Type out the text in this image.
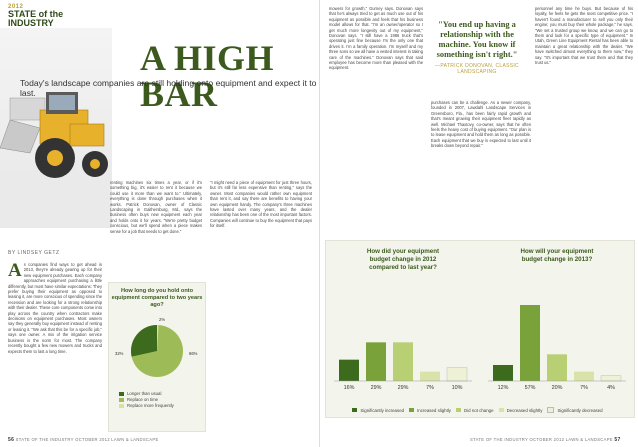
2012
STATE of the
INDUSTRY
A HIGH BAR
Today's landscape companies are still holding onto equipment and expect it to last.
BY LINDSEY GETZ
A s companies find ways to get ahead in 2013, they're already gearing up for their new equipment purchases. Each company approaches equipment purchasing a little differently, but most have similar expectations: They prefer buying their equipment as opposed to leasing it, are more conscious of spending since the recession and are looking for a strong relationship with their dealer. These core components come into play across the country when contractors make decisions on equipment purchases. Most owners say they generally buy equipment instead of renting or leasing it. "We ask that this be for a specific job," says one owner. A mix of the irrigation service business is the norm for most. The company recently bought a few new mowers and trucks and expects them to last a long time.
renting machines six times a year, or if it's something big, it's easier to rent it because we could use it more than we want to." Ultimately, everything is done through purchases when it works. Patrick Donovan, owner of Classic Landscaping in Gaithersburg, Md., says the business often buys new equipment each year and holds onto it for years. "We're pretty budget conscious, but we'll spend when a piece makes sense for a job that needs to get done."
"I might need a piece of equipment for just three hours, but it's still far less expensive than renting," says the owner. Most companies would rather own equipment than rent it, and say there are benefits to having your own equipment handy. The company's three machines have lasted over many years, and the dealer relationship has been one of the most important factors. Companies will continue to buy the equipment that pays for itself.
How long do you hold onto equipment compared to two years ago?
32%	66%
2%
Longer than usual
Replace on time
Replace more frequently
56 STATE OF THE INDUSTRY OCTOBER 2012 LAWN & LANDSCAPE
mowers for growth," Gurney says. Donovan says that he's always tried to get as much use out of his equipment as possible and feels that his business model allows for that. "I'm an owner/operator so I get much more longevity out of my equipment," Donovan says. "I still have a 1986 truck that's operating just fine because I'm the only one that drives it. I'm a family operation. I'm myself and my three sons so we all have a vested interest in taking care of the machines." Donovan says that said employee has become more than pleased with the equipment.
purchases can be a challenge. As a newer company, founded in 2007, Lawdahl Landscape Services in Greensboro, Fla., has been fairly rapid growth and that's meant growing their equipment fleet rapidly as well. Michael Thaxtovy, co-owner, says that he often feels the heavy cost of buying equipment. "Our plan is to lease equipment and hold them as long as possible. Each equipment that we buy is expected to last until it breaks down beyond repair."
personnel any time he buys. But because of his loyalty, he feels he gets the most competitive price. "I haven't found a manufacturer to sell you only their engine; you must buy their whole package," he says. "We set a trusted group we know, and we can go to them and look for a specific type of equipment." In Utah, Green Line Equipment Rental has been able to maintain a great relationship with the dealer. "We have switched almost everything to them now," they say. "It's important that we trust them and that they trust us."
"You end up having a relationship with the machine. You know if something isn't right."
—PATRICK DONOVAN, CLASSIC LANDSCAPING
How did your equipment
budget change in 2012
compared to last year?
16%	29%	29%	7%	10%
How will your equipment
budget change in 2013?
12%	57%	20%	7%	4%
Significantly increased	Increased slightly	Did not change	Decreased slightly	Significantly decreased
STATE OF THE INDUSTRY OCTOBER 2012 LAWN & LANDSCAPE 57
